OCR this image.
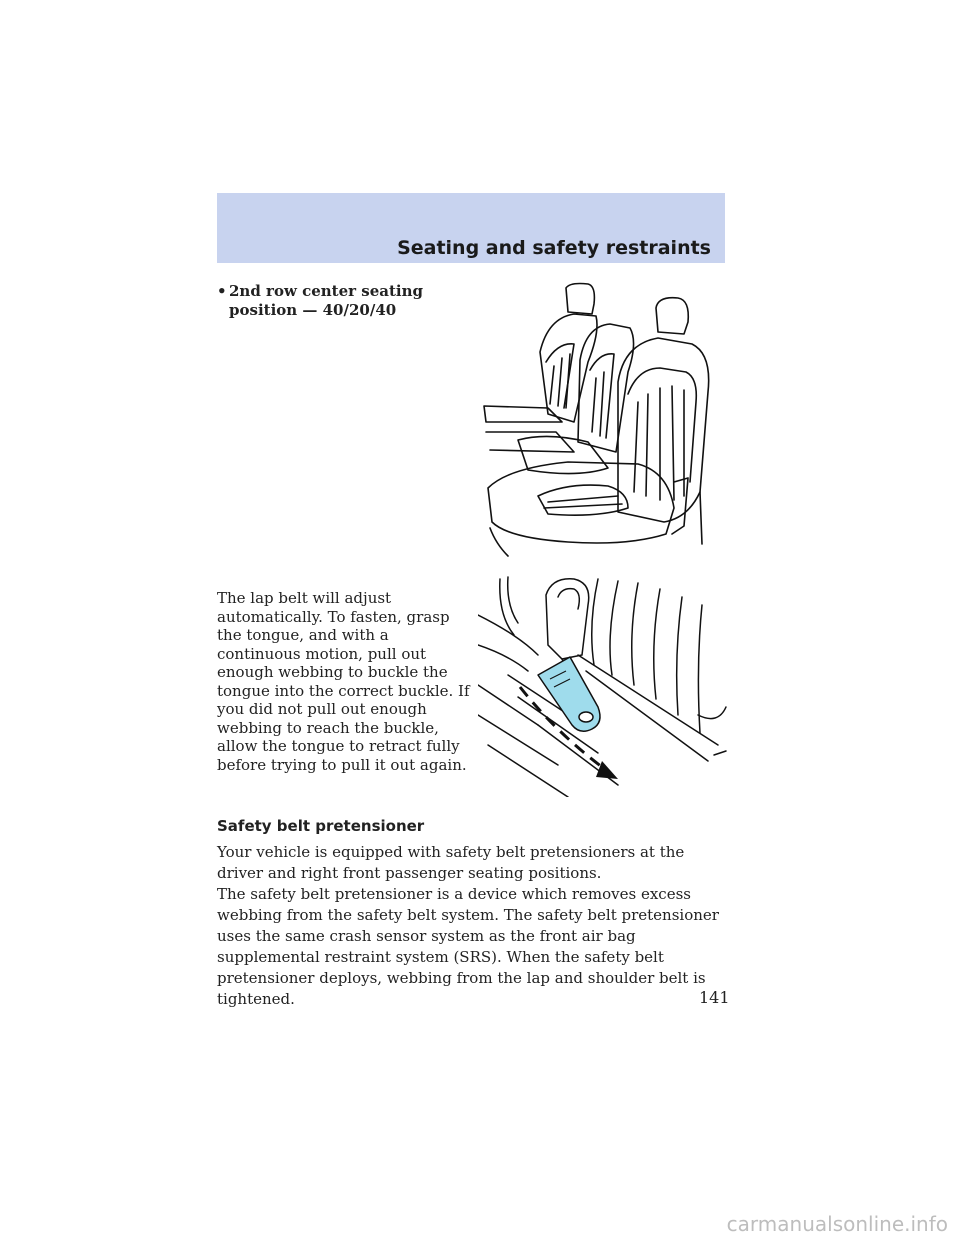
Seating and safety restraints
• 2nd row center seating position — 40/20/40

The lap belt will adjust automatically. To fasten, grasp the tongue, and with a continuous motion, pull out enough webbing to buckle the tongue into the correct buckle. If you did not pull out enough webbing to reach the buckle, allow the tongue to retract fully before trying to pull it out again.

Safety belt pretensioner

Your vehicle is equipped with safety belt pretensioners at the driver and right front passenger seating positions.

The safety belt pretensioner is a device which removes excess webbing from the safety belt system. The safety belt pretensioner uses the same crash sensor system as the front air bag supplemental restraint system (SRS). When the safety belt pretensioner deploys, webbing from the lap and shoulder belt is tightened.	141
carmanualsonline.info
